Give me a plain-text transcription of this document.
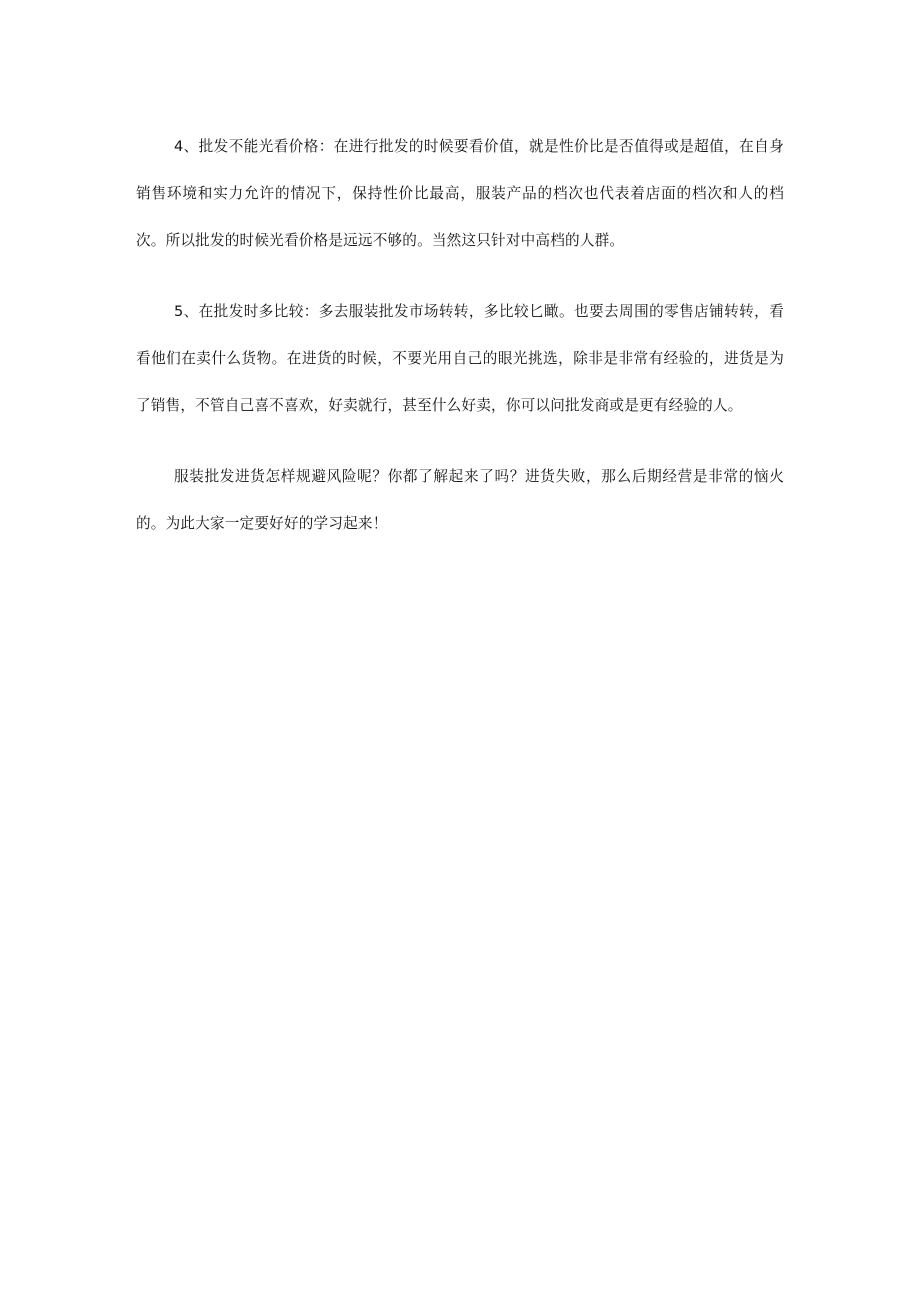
4、批发不能光看价格：在进行批发的时候要看价值，就是性价比是否值得或是超值，在自身销售环境和实力允许的情况下，保持性价比最高，服装产品的档次也代表着店面的档次和人的档次。所以批发的时候光看价格是远远不够的。当然这只针对中高档的人群。

5、在批发时多比较：多去服装批发市场转转，多比较匕瞰。也要去周围的零售店铺转转，看看他们在卖什么货物。在进货的时候，不要光用自己的眼光挑选，除非是非常有经验的，进货是为了销售，不管自己喜不喜欢，好卖就行，甚至什么好卖，你可以问批发商或是更有经验的人。

服装批发进货怎样规避风险呢？你都了解起来了吗？进货失败，那么后期经营是非常的恼火的。为此大家一定要好好的学习起来！
